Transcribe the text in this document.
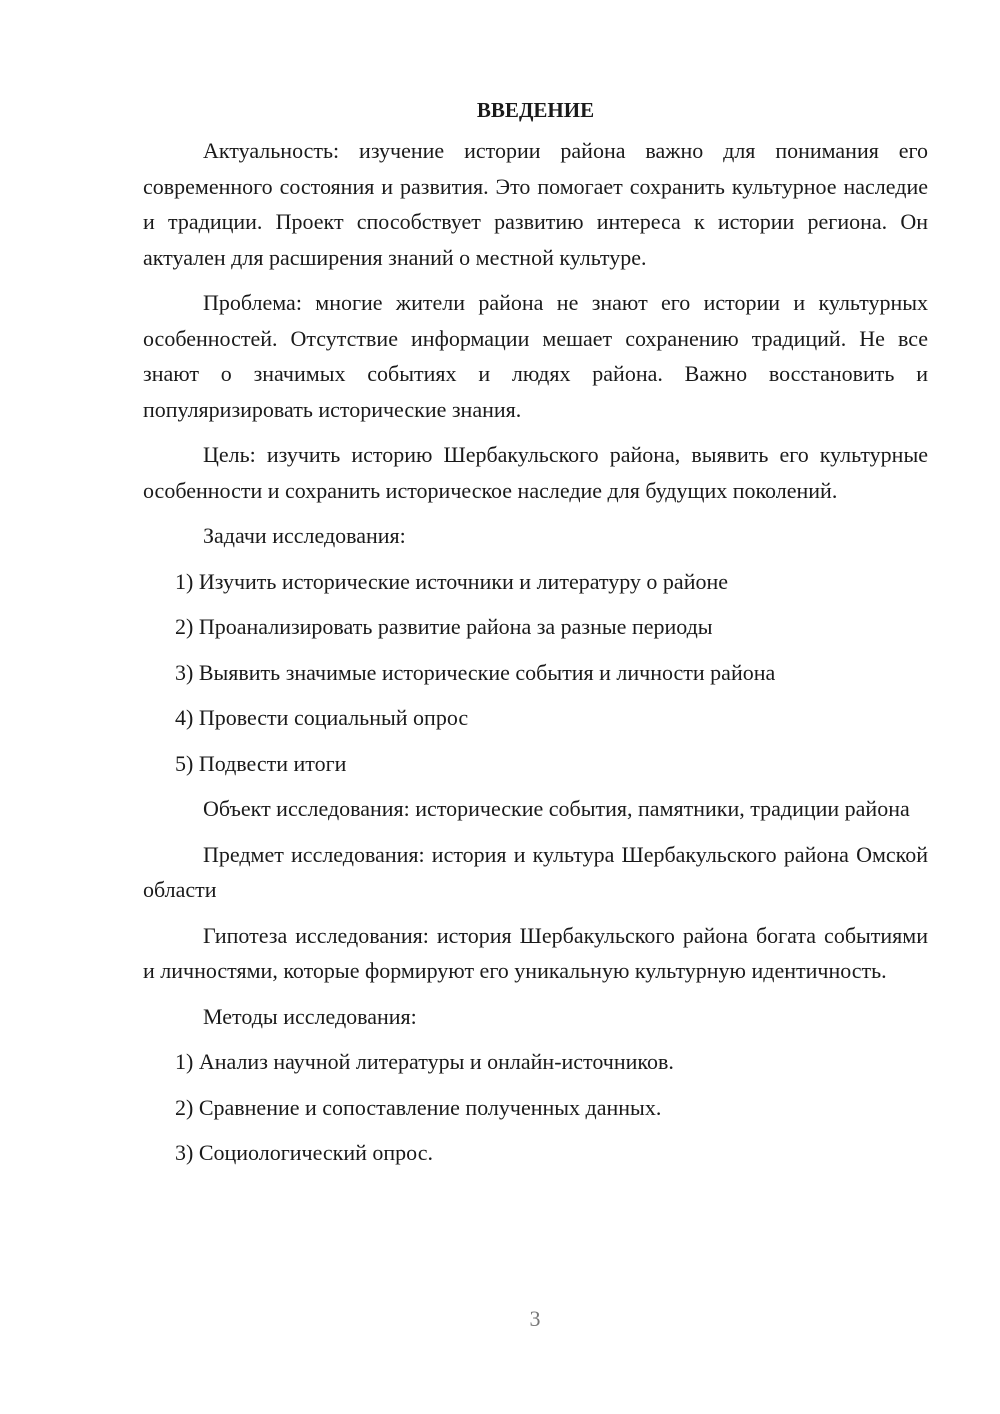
ВВЕДЕНИЕ

Актуальность: изучение истории района важно для понимания его современного состояния и развития. Это помогает сохранить культурное наследие и традиции. Проект способствует развитию интереса к истории региона. Он актуален для расширения знаний о местной культуре.

Проблема: многие жители района не знают его истории и культурных особенностей. Отсутствие информации мешает сохранению традиций. Не все знают о значимых событиях и людях района. Важно восстановить и популяризировать исторические знания.

Цель: изучить историю Шербакульского района, выявить его культурные особенности и сохранить историческое наследие для будущих поколений.

Задачи исследования:

1) Изучить исторические источники и литературу о районе

2) Проанализировать развитие района за разные периоды

3) Выявить значимые исторические события и личности района

4) Провести социальный опрос

5) Подвести итоги

Объект исследования: исторические события, памятники, традиции района

Предмет исследования: история и культура Шербакульского района Омской области

Гипотеза исследования: история Шербакульского района богата событиями и личностями, которые формируют его уникальную культурную идентичность.

Методы исследования:

1) Анализ научной литературы и онлайн-источников.

2) Сравнение и сопоставление полученных данных.

3) Социологический опрос.

3
